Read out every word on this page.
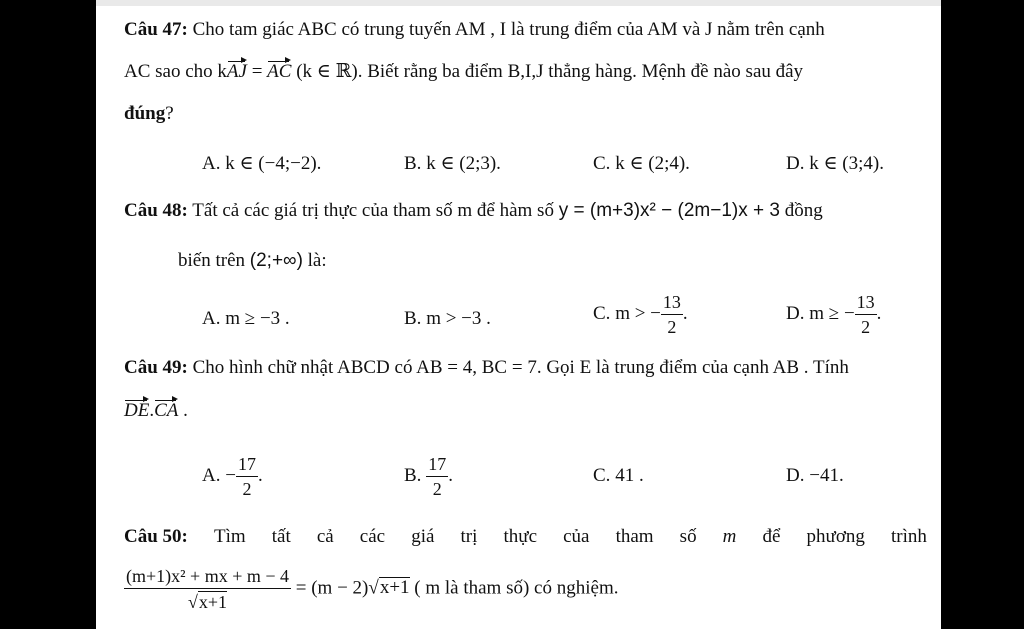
Câu 47: Cho tam giác ABC có trung tuyến AM , I là trung điểm của AM và J nằm trên cạnh
AC sao cho kAJ = AC (k ∈ ℝ). Biết rằng ba điểm B,I,J thẳng hàng. Mệnh đề nào sau đây
đúng?
A. k ∈ (−4;−2).	B. k ∈ (2;3).	C. k ∈ (2;4).	D. k ∈ (3;4).
Câu 48: Tất cả các giá trị thực của tham số m để hàm số y = (m+3)x² − (2m−1)x + 3 đồng
biến trên (2;+∞) là:
A. m ≥ −3 .	B. m > −3 .	C. m > − $\frac{13}{2}$ .	D. m ≥ − $\frac{13}{2}$ .
Câu 49: Cho hình chữ nhật ABCD có AB = 4, BC = 7. Gọi E là trung điểm của cạnh AB . Tính
DE.CA .
A. − $\frac{17}{2}$ .	B. $\frac{17}{2}$ .	C. 41 .	D. −41.
Câu 50: Tìm tất cả các giá trị thực của tham số m để phương trình
$\frac{\text{(m+1)x² + mx + m − 4}}{√x+1} = (m - 2)√x+1$ ( m là tham số) có nghiệm.
